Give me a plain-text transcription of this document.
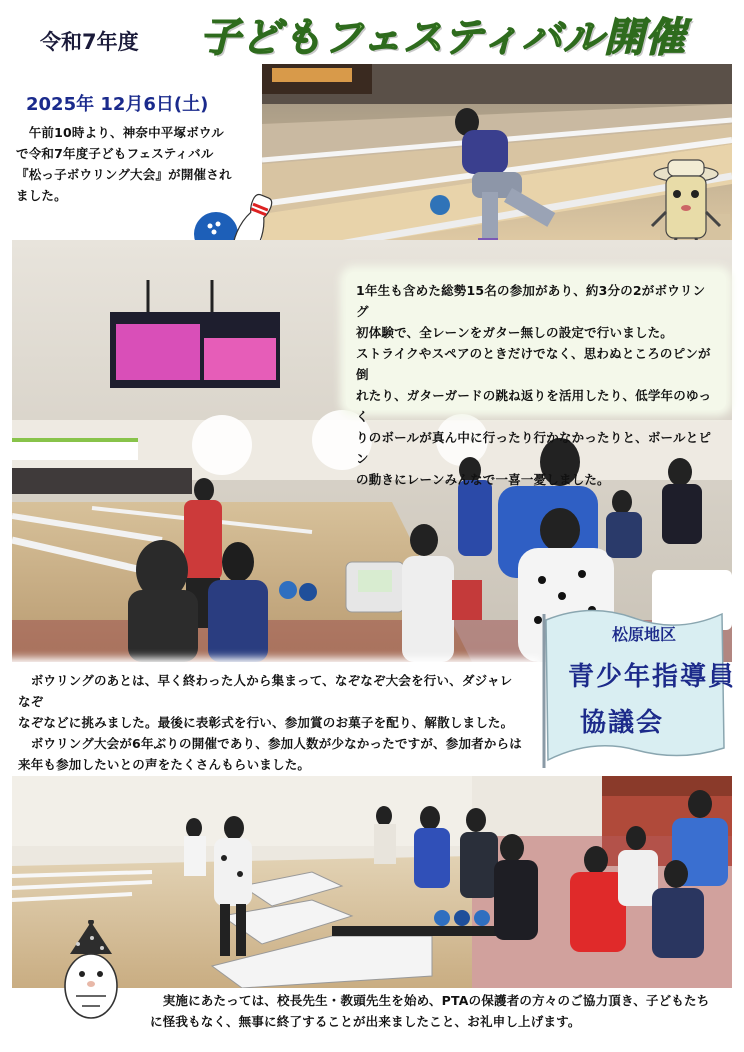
令和7年度 子どもフェスティバル開催
2025年 12月6日(土)
　午前10時より、神奈中平塚ボウル
で令和7年度子どもフェスティバル
『松っ子ボウリング大会』が開催され
ました。
1年生も含めた総勢15名の参加があり、約3分の2がボウリング
初体験で、全レーンをガター無しの設定で行いました。
ストライクやスペアのときだけでなく、思わぬところのピンが倒
れたり、ガターガードの跳ね返りを活用したり、低学年のゆっく
りのボールが真ん中に行ったり行かなかったりと、ボールとピン
の動きにレーンみんなで一喜一憂しました。
　ボウリングのあとは、早く終わった人から集まって、なぞなぞ大会を行い、ダジャレなぞ
なぞなどに挑みました。最後に表彰式を行い、参加賞のお菓子を配り、解散しました。
　ボウリング大会が6年ぶりの開催であり、参加人数が少なかったですが、参加者からは
来年も参加したいとの声をたくさんもらいました。
松原地区
青少年指導員
協議会
　実施にあたっては、校長先生・教頭先生を始め、PTAの保護者の方々のご協力頂き、子どもたち
に怪我もなく、無事に終了することが出来ましたこと、お礼申し上げます。
